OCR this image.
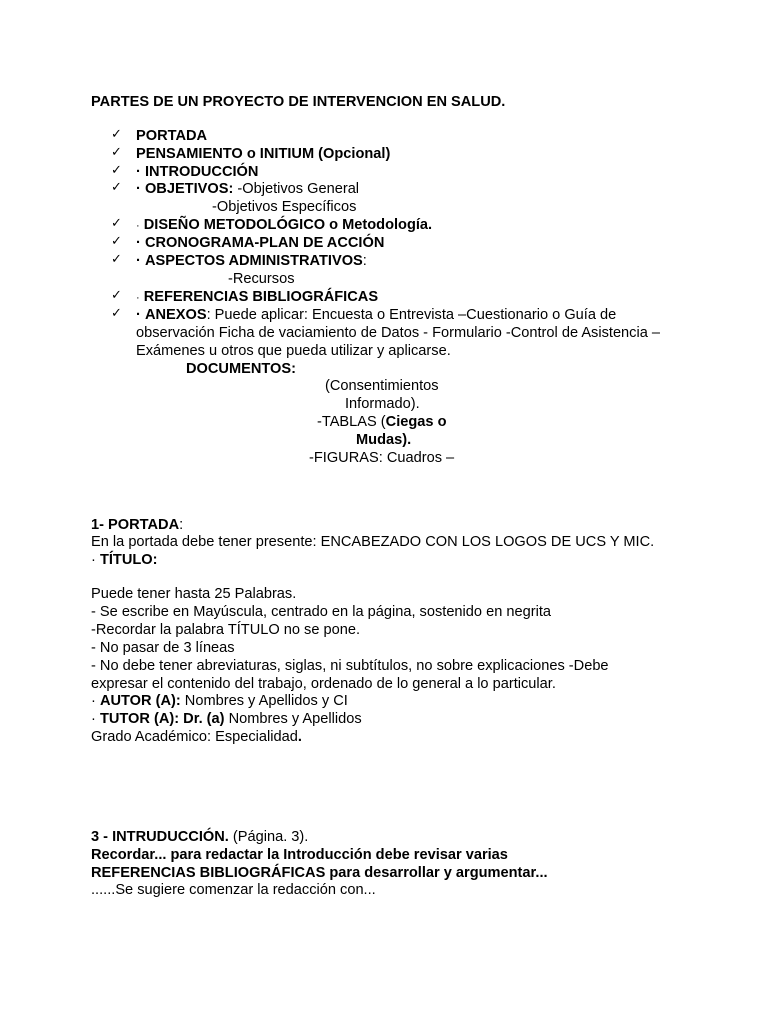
PARTES DE UN PROYECTO DE INTERVENCION EN SALUD.
✓ PORTADA
✓ PENSAMIENTO o INITIUM (Opcional)
✓ · INTRODUCCIÓN
✓ · OBJETIVOS: -Objetivos General
-Objetivos Específicos
✓ · DISEÑO METODOLÓGICO o Metodología.
✓ · CRONOGRAMA-PLAN DE ACCIÓN
✓ · ASPECTOS ADMINISTRATIVOS:
-Recursos
✓ · REFERENCIAS BIBLIOGRÁFICAS
✓ · ANEXOS: Puede aplicar: Encuesta o Entrevista –Cuestionario o Guía de
observación Ficha de vaciamiento de Datos - Formulario -Control de Asistencia –
Exámenes u otros que pueda utilizar y aplicarse.
DOCUMENTOS:
(Consentimientos
Informado).
-TABLAS (Ciegas o
Mudas).
-FIGURAS: Cuadros –
1- PORTADA:
En la portada debe tener presente: ENCABEZADO CON LOS LOGOS DE UCS Y MIC.
· TÍTULO:
Puede tener hasta 25 Palabras.
- Se escribe en Mayúscula, centrado en la página, sostenido en negrita
-Recordar la palabra TÍTULO no se pone.
- No pasar de 3 líneas
- No debe tener abreviaturas, siglas, ni subtítulos, no sobre explicaciones -Debe
expresar el contenido del trabajo, ordenado de lo general a lo particular.
· AUTOR (A): Nombres y Apellidos y CI
· TUTOR (A): Dr. (a) Nombres y Apellidos
Grado Académico: Especialidad.
3 - INTRUDUCCIÓN. (Página. 3).
Recordar... para redactar la Introducción debe revisar varias
REFERENCIAS BIBLIOGRÁFICAS para desarrollar y argumentar...
......Se sugiere comenzar la redacción con...
